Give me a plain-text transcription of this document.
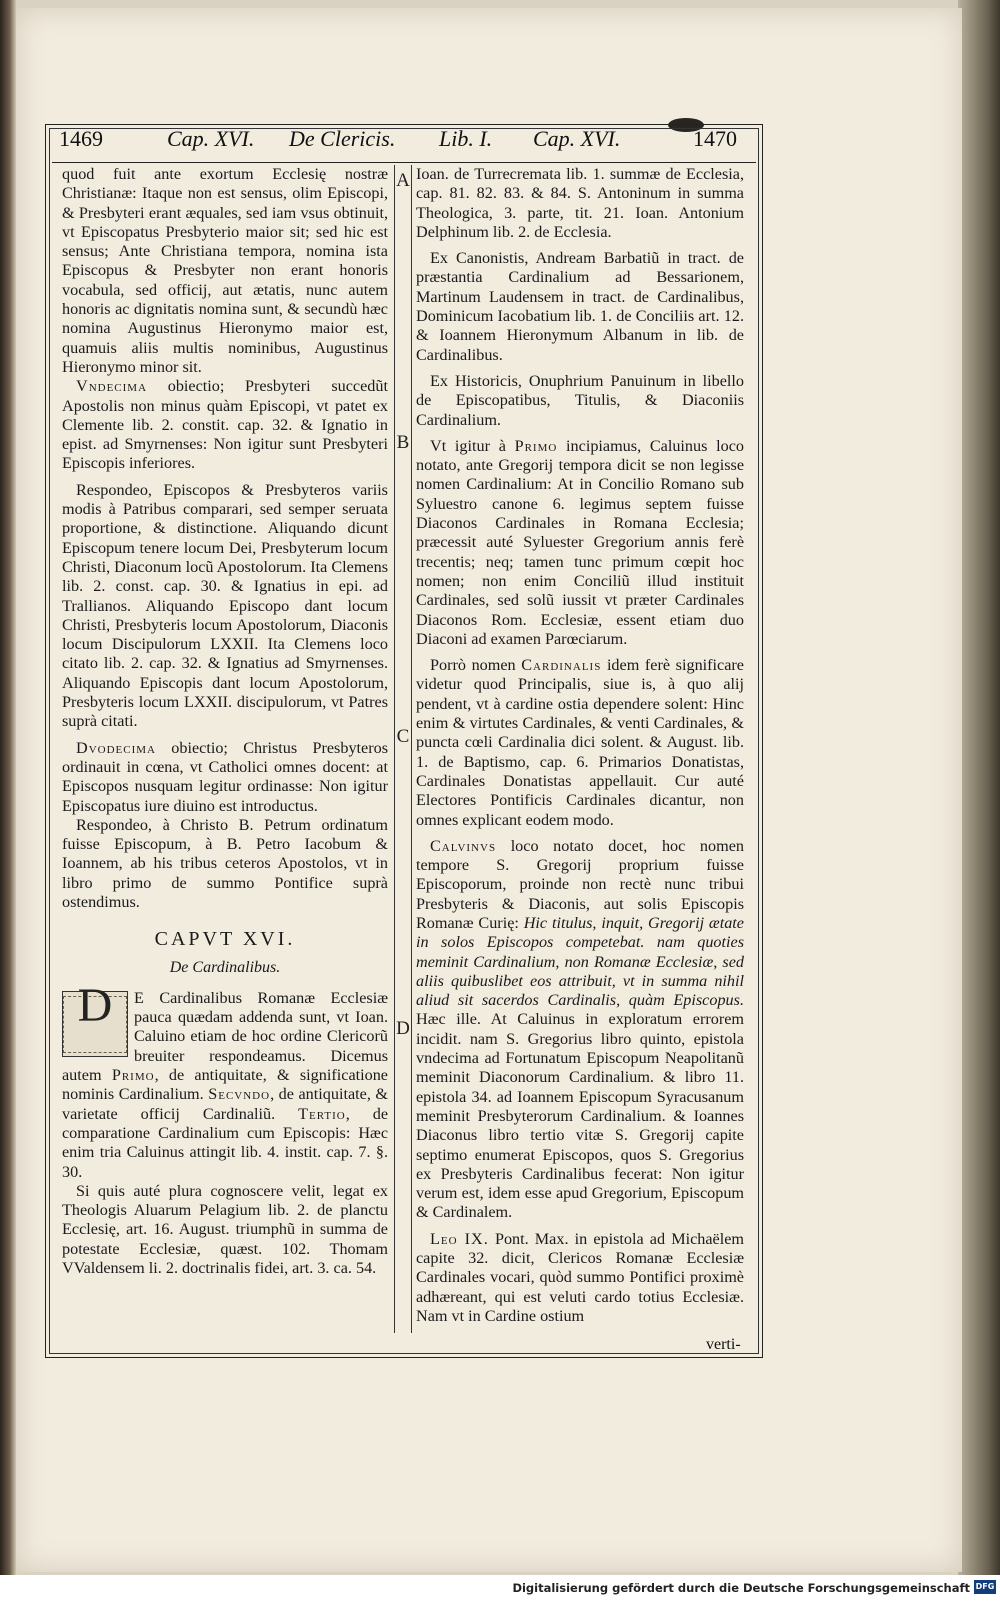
1469	Cap. XVI. De Clericis. Lib. I. Cap. XVI.	1470
A
B
C
D

quod fuit ante exortum Ecclesię nostræ Christianæ: Itaque non est sensus, olim Episcopi, & Presbyteri erant æquales, sed iam vsus obtinuit, vt Episcopatus Presbyterio maior sit; sed hic est sensus; Ante Christiana tempora, nomina ista Episcopus & Presbyter non erant honoris vocabula, sed officij, aut ætatis, nunc autem honoris ac dignitatis nomina sunt, & secundù hæc nomina Augustinus Hieronymo maior est, quamuis aliis multis nominibus, Augustinus Hieronymo minor sit.

Vndecima obiectio; Presbyteri succedũt Apostolis non minus quàm Episcopi, vt patet ex Clemente lib. 2. constit. cap. 32. & Ignatio in epist. ad Smyrnenses: Non igitur sunt Presbyteri Episcopis inferiores.

Respondeo, Episcopos & Presbyteros variis modis à Patribus comparari, sed semper seruata proportione, & distinctione. Aliquando dicunt Episcopum tenere locum Dei, Presbyterum locum Christi, Diaconum locũ Apostolorum. Ita Clemens lib. 2. const. cap. 30. & Ignatius in epi. ad Trallianos. Aliquando Episcopo dant locum Christi, Presbyteris locum Apostolorum, Diaconis locum Discipulorum LXXII. Ita Clemens loco citato lib. 2. cap. 32. & Ignatius ad Smyrnenses. Aliquando Episcopis dant locum Apostolorum, Presbyteris locum LXXII. discipulorum, vt Patres suprà citati.

Dvodecima obiectio; Christus Presbyteros ordinauit in cœna, vt Catholici omnes docent: at Episcopos nusquam legitur ordinasse: Non igitur Episcopatus iure diuino est introductus.

Respondeo, à Christo B. Petrum ordinatum fuisse Episcopum, à B. Petro Iacobum & Ioannem, ab his tribus ceteros Apostolos, vt in libro primo de summo Pontifice suprà ostendimus.

CAPVT XVI.
De Cardinalibus.

D	E Cardinalibus Romanæ Ecclesiæ pauca quædam addenda sunt, vt Ioan. Caluino etiam de hoc ordine Clericorũ breuiter respondeamus. Dicemus autem Primo, de antiquitate, & significatione nominis Cardinalium. Secvndo, de antiquitate, & varietate officij Cardinaliũ. Tertio, de comparatione Cardinalium cum Episcopis: Hæc enim tria Caluinus attingit lib. 4. instit. cap. 7. §. 30.

Si quis auté plura cognoscere velit, legat ex Theologis Aluarum Pelagium lib. 2. de planctu Ecclesię, art. 16. August. triumphũ in summa de potestate Ecclesiæ, quæst. 102. Thomam VValdensem li. 2. doctrinalis fidei, art. 3. ca. 54.

Ioan. de Turrecremata lib. 1. summæ de Ecclesia, cap. 81. 82. 83. & 84. S. Antoninum in summa Theologica, 3. parte, tit. 21. Ioan. Antonium Delphinum lib. 2. de Ecclesia.

Ex Canonistis, Andream Barbatiũ in tract. de præstantia Cardinalium ad Bessarionem, Martinum Laudensem in tract. de Cardinalibus, Dominicum Iacobatium lib. 1. de Conciliis art. 12. & Ioannem Hieronymum Albanum in lib. de Cardinalibus.

Ex Historicis, Onuphrium Panuinum in libello de Episcopatibus, Titulis, & Diaconiis Cardinalium.

Vt igitur à Primo incipiamus, Caluinus loco notato, ante Gregorij tempora dicit se non legisse nomen Cardinalium: At in Concilio Romano sub Syluestro canone 6. legimus septem fuisse Diaconos Cardinales in Romana Ecclesia; præcessit auté Syluester Gregorium annis ferè trecentis; neq; tamen tunc primum cœpit hoc nomen; non enim Conciliũ illud instituit Cardinales, sed solũ iussit vt præter Cardinales Diaconos Rom. Ecclesiæ, essent etiam duo Diaconi ad examen Parœciarum.

Porrò nomen Cardinalis idem ferè significare videtur quod Principalis, siue is, à quo alij pendent, vt à cardine ostia dependere solent: Hinc enim & virtutes Cardinales, & venti Cardinales, & puncta cœli Cardinalia dici solent. & August. lib. 1. de Baptismo, cap. 6. Primarios Donatistas, Cardinales Donatistas appellauit. Cur auté Electores Pontificis Cardinales dicantur, non omnes explicant eodem modo.

Calvinvs loco notato docet, hoc nomen tempore S. Gregorij proprium fuisse Episcoporum, proinde non rectè nunc tribui Presbyteris & Diaconis, aut solis Episcopis Romanæ Curię: Hic titulus, inquit, Gregorij ætate in solos Episcopos competebat. nam quoties meminit Cardinalium, non Romanæ Ecclesiæ, sed aliis quibuslibet eos attribuit, vt in summa nihil aliud sit sacerdos Cardinalis, quàm Episcopus. Hæc ille. At Caluinus in exploratum errorem incidit. nam S. Gregorius libro quinto, epistola vndecima ad Fortunatum Episcopum Neapolitanũ meminit Diaconorum Cardinalium. & libro 11. epistola 34. ad Ioannem Episcopum Syracusanum meminit Presbyterorum Cardinalium. & Ioannes Diaconus libro tertio vitæ S. Gregorij capite septimo enumerat Episcopos, quos S. Gregorius ex Presbyteris Cardinalibus fecerat: Non igitur verum est, idem esse apud Gregorium, Episcopum & Cardinalem.

Leo IX. Pont. Max. in epistola ad Michaëlem capite 32. dicit, Clericos Romanæ Ecclesiæ Cardinales vocari, quòd summo Pontifici proximè adhæreant, qui est veluti cardo totius Ecclesiæ. Nam vt in Cardine ostium

verti-
Digitalisierung gefördert durch die Deutsche Forschungsgemeinschaft DFG
